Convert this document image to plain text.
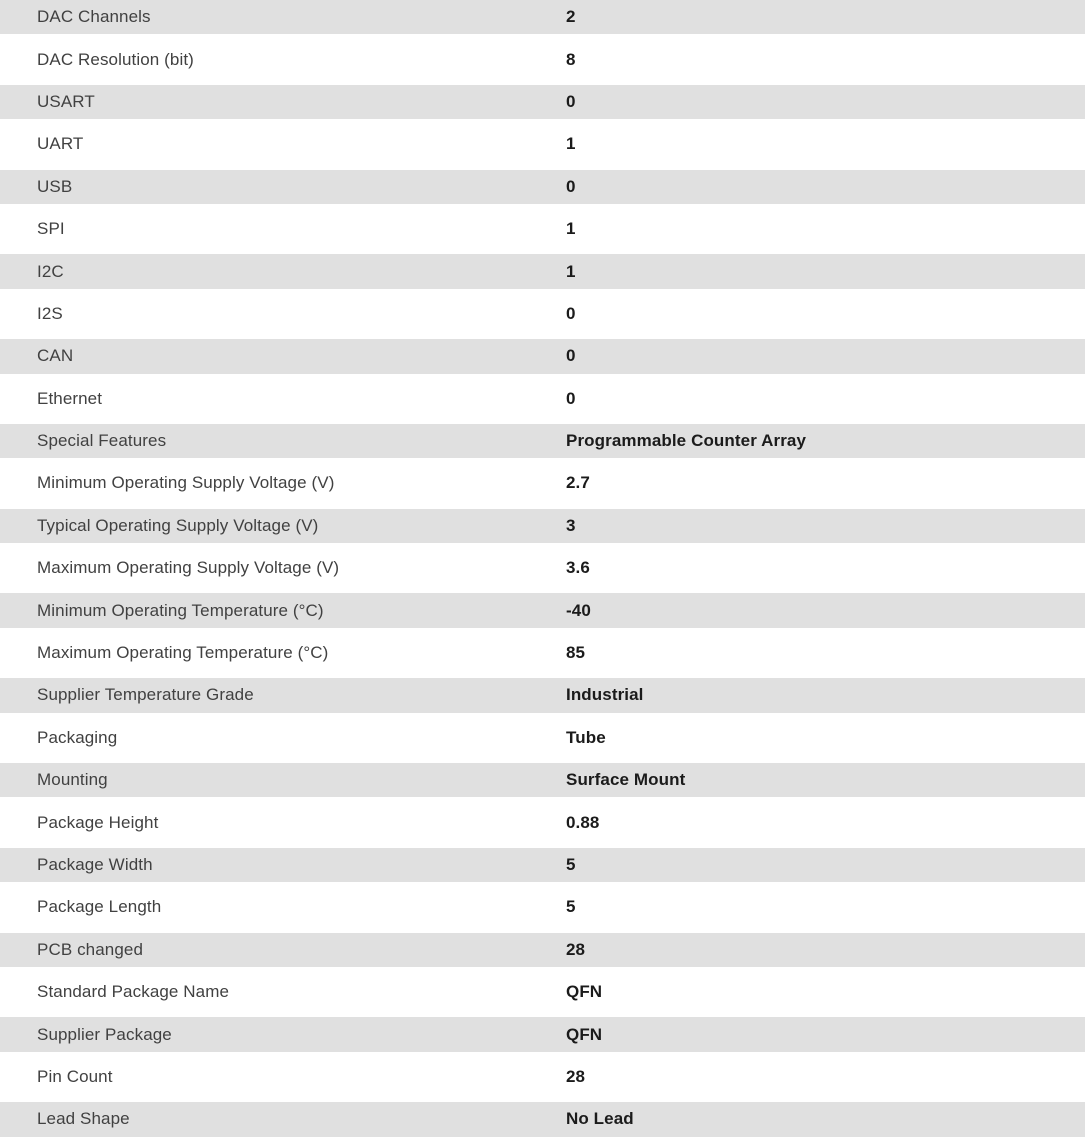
DAC Channels	2
DAC Resolution (bit)	8
USART	0
UART	1
USB	0
SPI	1
I2C	1
I2S	0
CAN	0
Ethernet	0
Special Features	Programmable Counter Array
Minimum Operating Supply Voltage (V)	2.7
Typical Operating Supply Voltage (V)	3
Maximum Operating Supply Voltage (V)	3.6
Minimum Operating Temperature (°C)	-40
Maximum Operating Temperature (°C)	85
Supplier Temperature Grade	Industrial
Packaging	Tube
Mounting	Surface Mount
Package Height	0.88
Package Width	5
Package Length	5
PCB changed	28
Standard Package Name	QFN
Supplier Package	QFN
Pin Count	28
Lead Shape	No Lead
